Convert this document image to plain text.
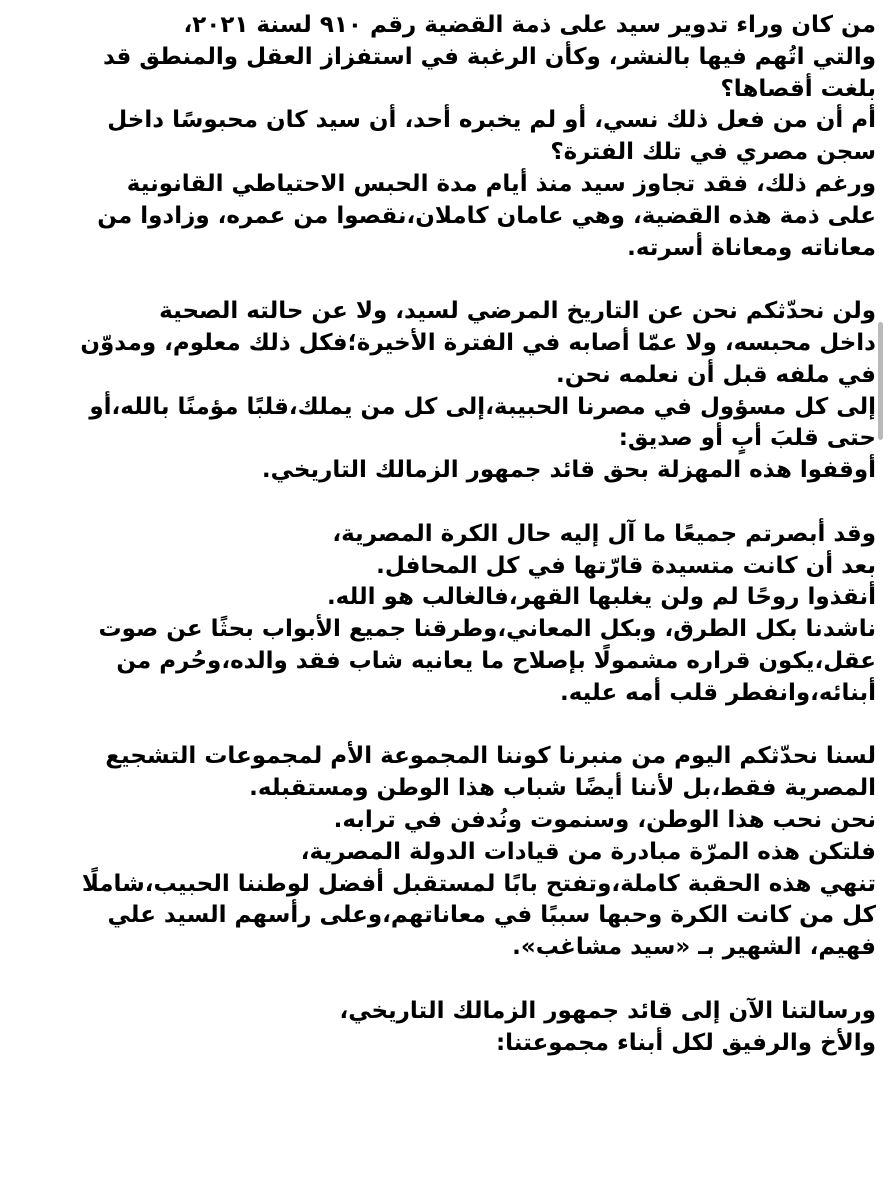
من كان وراء تدوير سيد على ذمة القضية رقم ٩١٠ لسنة ٢٠٢١،
والتي اتُهم فيها بالنشر، وكأن الرغبة في استفزاز العقل والمنطق قد
بلغت أقصاها؟
أم أن من فعل ذلك نسي، أو لم يخبره أحد، أن سيد كان محبوسًا داخل
سجن مصري في تلك الفترة؟
ورغم ذلك، فقد تجاوز سيد منذ أيام مدة الحبس الاحتياطي القانونية
على ذمة هذه القضية، وهي عامان كاملان،نقصوا من عمره، وزادوا من
معاناته ومعاناة أسرته.

ولن نحدّثكم نحن عن التاريخ المرضي لسيد، ولا عن حالته الصحية
داخل محبسه، ولا عمّا أصابه في الفترة الأخيرة؛فكل ذلك معلوم، ومدوّن
في ملفه قبل أن نعلمه نحن.
إلى كل مسؤول في مصرنا الحبيبة،إلى كل من يملك،قلبًا مؤمنًا بالله،أو
حتى قلبَ أبٍ أو صديق:
أوقفوا هذه المهزلة بحق قائد جمهور الزمالك التاريخي.

وقد أبصرتم جميعًا ما آل إليه حال الكرة المصرية،
بعد أن كانت متسيدة قارّتها في كل المحافل.
أنقذوا روحًا لم ولن يغلبها القهر،فالغالب هو الله.
ناشدنا بكل الطرق، وبكل المعاني،وطرقنا جميع الأبواب بحثًا عن صوت
عقل،يكون قراره مشمولًا بإصلاح ما يعانيه شاب فقد والده،وحُرم من
أبنائه،وانفطر قلب أمه عليه.

لسنا نحدّثكم اليوم من منبرنا كوننا المجموعة الأم لمجموعات التشجيع
المصرية فقط،بل لأننا أيضًا شباب هذا الوطن ومستقبله.
نحن نحب هذا الوطن، وسنموت ونُدفن في ترابه.
فلتكن هذه المرّة مبادرة من قيادات الدولة المصرية،
تنهي هذه الحقبة كاملة،وتفتح بابًا لمستقبل أفضل لوطننا الحبيب،شاملًا
كل من كانت الكرة وحبها سببًا في معاناتهم،وعلى رأسهم السيد علي
فهيم، الشهير بـ «سيد مشاغب».

ورسالتنا الآن إلى قائد جمهور الزمالك التاريخي،
والأخ والرفيق لكل أبناء مجموعتنا:
